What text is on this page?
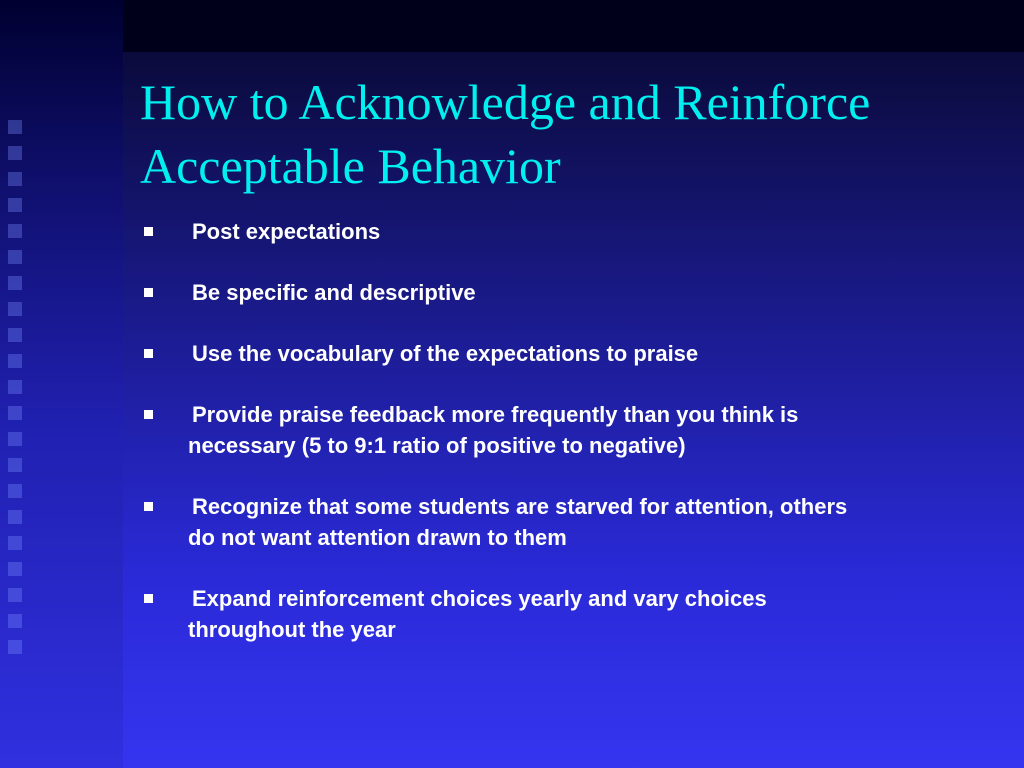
How to Acknowledge and Reinforce
Acceptable Behavior
Post expectations
Be specific and descriptive
Use the vocabulary of the expectations to praise
Provide praise feedback more frequently than you think is
necessary (5 to 9:1 ratio of positive to negative)
Recognize that some students are starved for attention, others
do not want attention drawn to them
Expand reinforcement choices yearly and vary choices
throughout the year
